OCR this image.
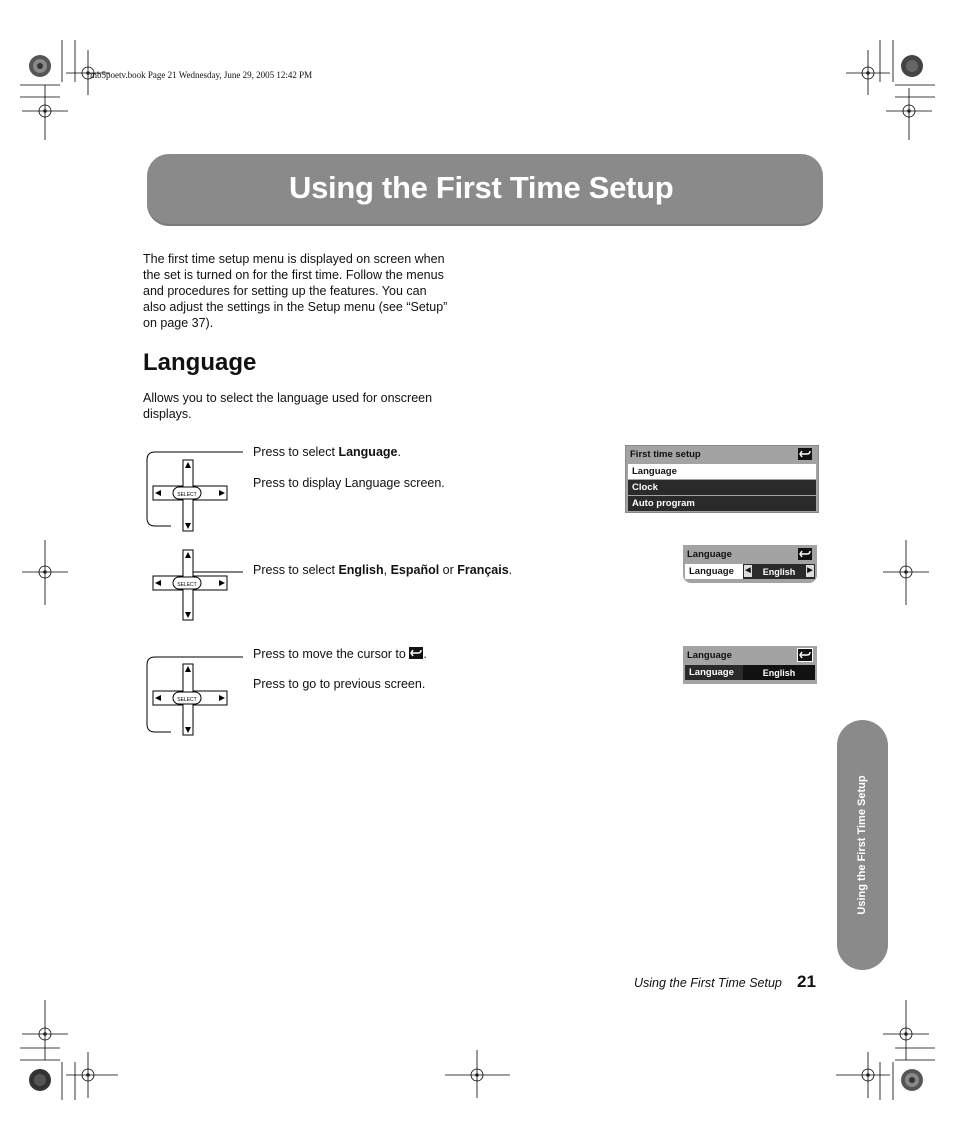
mb5poetv.book Page 21 Wednesday, June 29, 2005 12:42 PM
Using the First Time Setup
The first time setup menu is displayed on screen when
the set is turned on for the first time. Follow the menus
and procedures for setting up the features. You can
also adjust the settings in the Setup menu (see “Setup”
on page 37).
Language
Allows you to select the language used for onscreen
displays.
SELECT
SELECT
SELECT
Press to select Language.
Press to display Language screen.
Press to select English, Español or Français.
Press to move the cursor to .
Press to go to previous screen.
First time setup
Language
Clock
Auto program
Language
Language	◀ English ▶
Language
Language	English
Using the First Time Setup
Using the First Time Setup 21
